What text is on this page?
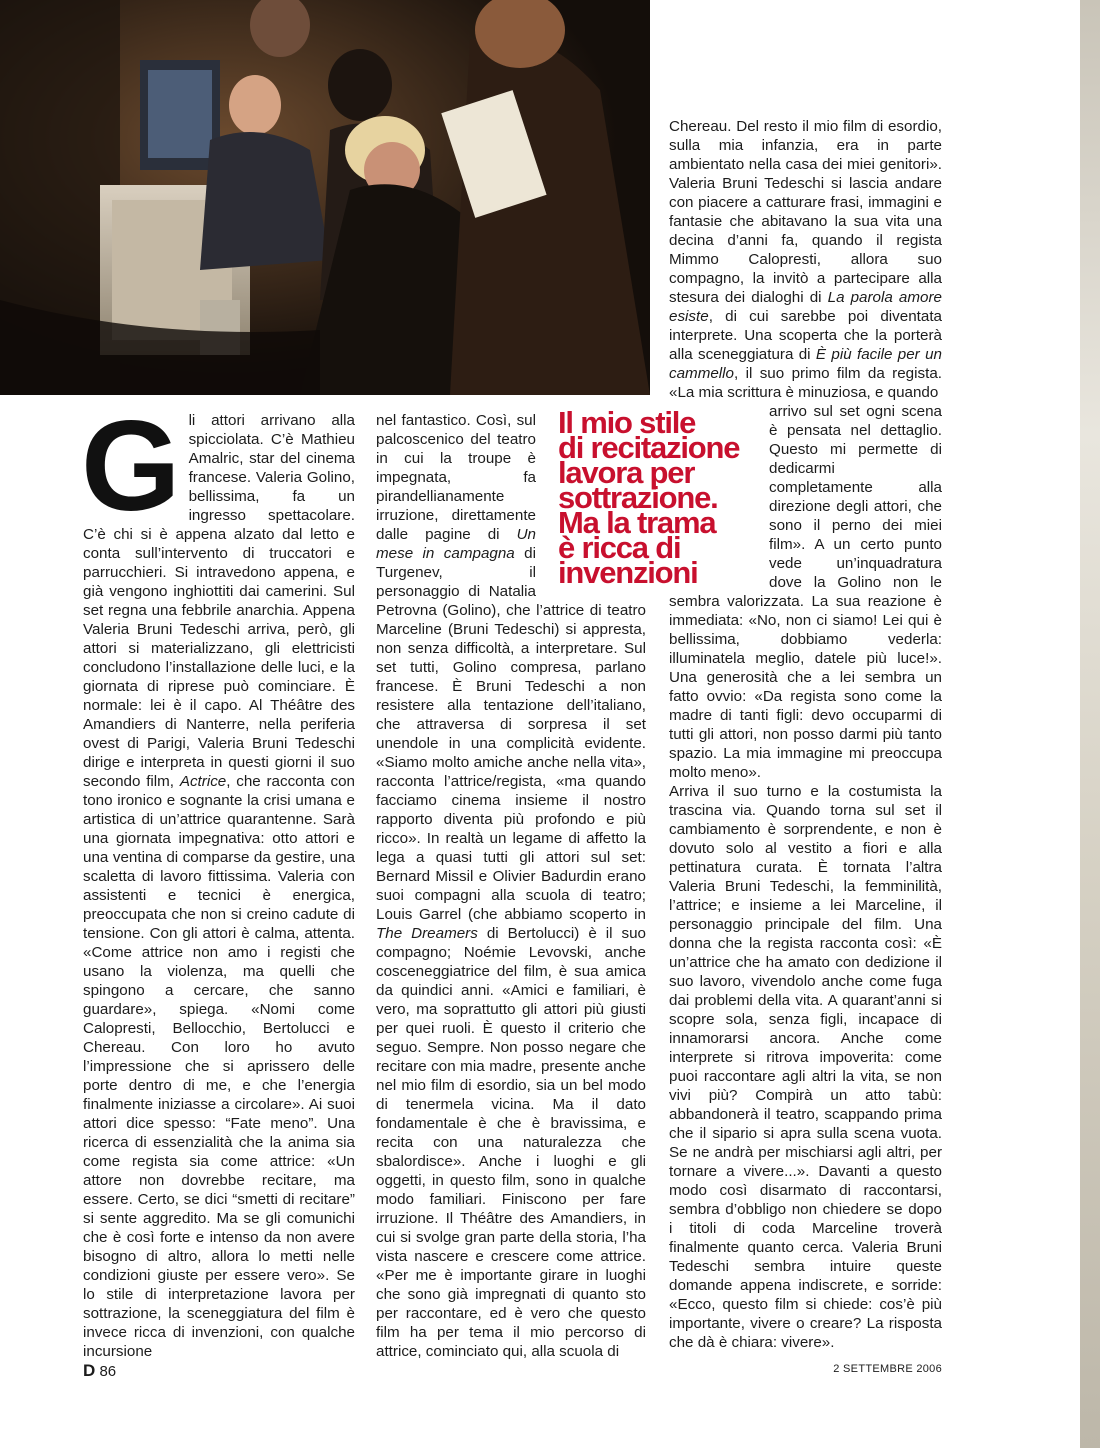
Il mio stile
di recitazione
lavora per
sottrazione.
Ma la trama
è ricca di
invenzioni

Gli attori arrivano alla spicciolata. C’è Mathieu Amalric, star del cinema francese. Valeria Golino, bellissima, fa un ingresso spettacolare. C’è chi si è appena alzato dal letto e conta sull’intervento di truccatori e parrucchieri. Si intravedono appena, e già vengono inghiottiti dai camerini. Sul set regna una febbrile anarchia. Appena Valeria Bruni Tedeschi arriva, però, gli attori si materializzano, gli elettricisti concludono l’installazione delle luci, e la giornata di riprese può cominciare. È normale: lei è il capo. Al Théâtre des Amandiers di Nanterre, nella periferia ovest di Parigi, Valeria Bruni Tedeschi dirige e interpreta in questi giorni il suo secondo film, Actrice, che racconta con tono ironico e sognante la crisi umana e artistica di un’attrice quarantenne. Sarà una giornata impegnativa: otto attori e una ventina di comparse da gestire, una scaletta di lavoro fittissima. Valeria con assistenti e tecnici è energica, preoccupata che non si creino cadute di tensione. Con gli attori è calma, attenta. «Come attrice non amo i registi che usano la violenza, ma quelli che spingono a cercare, che sanno guardare», spiega. «Nomi come Calopresti, Bellocchio, Bertolucci e Chereau. Con loro ho avuto l’impressione che si aprissero delle porte dentro di me, e che l’energia finalmente iniziasse a circolare». Ai suoi attori dice spesso: “Fate meno”. Una ricerca di essenzialità che la anima sia come regista sia come attrice: «Un attore non dovrebbe recitare, ma essere. Certo, se dici “smetti di recitare” si sente aggredito. Ma se gli comunichi che è così forte e intenso da non avere bisogno di altro, allora lo metti nelle condizioni giuste per essere vero». Se lo stile di interpretazione lavora per sottrazione, la sceneggiatura del film è invece ricca di invenzioni, con qualche incursione

nel fantastico. Così, sul palcoscenico del teatro in cui la troupe è impegnata, fa pirandellianamente irruzione, direttamente dalle pagine di Un mese in campagna di Turgenev, il personaggio di Natalia Petrovna (Golino), che l’attrice di teatro Marceline (Bruni Tedeschi) si appresta, non senza difficoltà, a interpretare. Sul set tutti, Golino compresa, parlano francese. È Bruni Tedeschi a non resistere alla tentazione dell’italiano, che attraversa di sorpresa il set unendole in una complicità evidente. «Siamo molto amiche anche nella vita», racconta l’attrice/regista, «ma quando facciamo cinema insieme il nostro rapporto diventa più profondo e più ricco». In realtà un legame di affetto la lega a quasi tutti gli attori sul set: Bernard Missil e Olivier Badurdin erano suoi compagni alla scuola di teatro; Louis Garrel (che abbiamo scoperto in The Dreamers di Bertolucci) è il suo compagno; Noémie Levovski, anche cosceneggiatrice del film, è sua amica da quindici anni. «Amici e familiari, è vero, ma soprattutto gli attori più giusti per quei ruoli. È questo il criterio che seguo. Sempre. Non posso negare che recitare con mia madre, presente anche nel mio film di esordio, sia un bel modo di tenermela vicina. Ma il dato fondamentale è che è bravissima, e recita con una naturalezza che sbalordisce». Anche i luoghi e gli oggetti, in questo film, sono in qualche modo familiari. Finiscono per fare irruzione. Il Théâtre des Amandiers, in cui si svolge gran parte della storia, l’ha vista nascere e crescere come attrice. «Per me è importante girare in luoghi che sono già impregnati di quanto sto per raccontare, ed è vero che questo film ha per tema il mio percorso di attrice, cominciato qui, alla scuola di

Chereau. Del resto il mio film di esordio, sulla mia infanzia, era in parte ambientato nella casa dei miei genitori». Valeria Bruni Tedeschi si lascia andare con piacere a catturare frasi, immagini e fantasie che abitavano la sua vita una decina d’anni fa, quando il regista Mimmo Calopresti, allora suo compagno, la invitò a partecipare alla stesura dei dialoghi di La parola amore esiste, di cui sarebbe poi diventata interprete. Una scoperta che la porterà alla sceneggiatura di È più facile per un cammello, il suo primo film da regista. «La mia scrittura è minuziosa, e quando

arrivo sul set ogni scena è pensata nel dettaglio. Questo mi permette di dedicarmi completamente alla direzione degli attori, che sono il perno dei miei film». A un certo punto vede un’inquadratura dove la Golino non le sembra valorizzata. La sua reazione è immediata: «No, non ci siamo! Lei qui è bellissima, dobbiamo vederla: illuminatela meglio, datele più luce!». Una generosità che a lei sembra un fatto ovvio: «Da regista sono come la madre di tanti figli: devo occuparmi di tutti gli attori, non posso darmi più tanto spazio. La mia immagine mi preoccupa molto meno».

Arriva il suo turno e la costumista la trascina via. Quando torna sul set il cambiamento è sorprendente, e non è dovuto solo al vestito a fiori e alla pettinatura curata. È tornata l’altra Valeria Bruni Tedeschi, la femminilità, l’attrice; e insieme a lei Marceline, il personaggio principale del film. Una donna che la regista racconta così: «È un’attrice che ha amato con dedizione il suo lavoro, vivendolo anche come fuga dai problemi della vita. A quarant’anni si scopre sola, senza figli, incapace di innamorarsi ancora. Anche come interprete si ritrova impoverita: come puoi raccontare agli altri la vita, se non vivi più? Compirà un atto tabù: abbandonerà il teatro, scappando prima che il sipario si apra sulla scena vuota. Se ne andrà per mischiarsi agli altri, per tornare a vivere...». Davanti a questo modo così disarmato di raccontarsi, sembra d’obbligo non chiedere se dopo i titoli di coda Marceline troverà finalmente quanto cerca. Valeria Bruni Tedeschi sembra intuire queste domande appena indiscrete, e sorride: «Ecco, questo film si chiede: cos’è più importante, vivere o creare? La risposta che dà è chiara: vivere».

D 86	2 SETTEMBRE 2006
